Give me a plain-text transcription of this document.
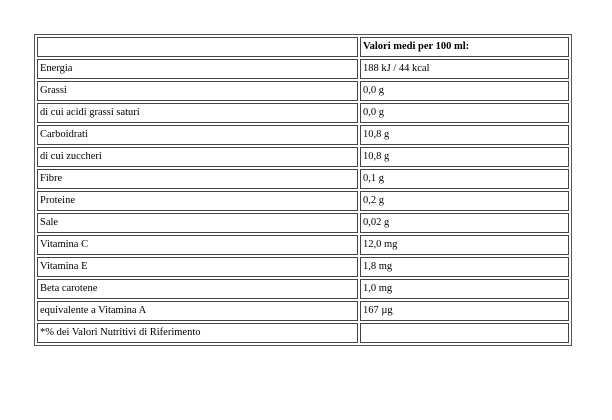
	Valori medi per 100 ml:
Energia	188 kJ / 44 kcal
Grassi	0,0 g
di cui acidi grassi saturi	0,0 g
Carboidrati	10,8 g
di cui zuccheri	10,8 g
Fibre	0,1 g
Proteine	0,2 g
Sale	0,02 g
Vitamina C	12,0 mg
Vitamina E	1,8 mg
Beta carotene	1,0 mg
equivalente a Vitamina A	167 µg
*% dei Valori Nutritivi di Riferimento	
